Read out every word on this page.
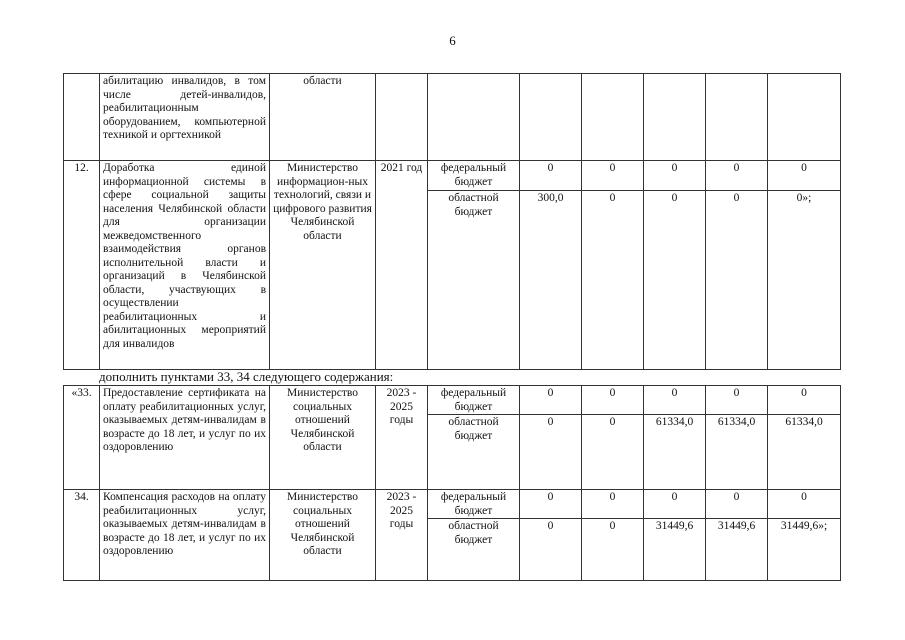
6
	абилитацию инвалидов, в том числе детей-инвалидов, реабилитационным оборудованием, компьютерной техникой и оргтехникой	области							
12.	Доработка единой информационной системы в сфере социальной защиты населения Челябинской области для организации межведомственного взаимодействия органов исполнительной власти и организаций в Челябинской области, участвующих в осуществлении реабилитационных и абилитационных мероприятий для инвалидов	Министерство информацион-ных технологий, связи и цифрового развития Челябинской области	2021 год	федеральный бюджет	0	0	0	0	0
				областной бюджет	300,0	0	0	0	0»;
дополнить пунктами 33, 34 следующего содержания:
«33.	Предоставление сертификата на оплату реабилитационных услуг, оказываемых детям-инвалидам в возрасте до 18 лет, и услуг по их оздоровлению	Министерство социальных отношений Челябинской области	2023 - 2025 годы	федеральный бюджет	0	0	0	0	0
				областной бюджет	0	0	61334,0	61334,0	61334,0
34.	Компенсация расходов на оплату реабилитационных услуг, оказываемых детям-инвалидам в возрасте до 18 лет, и услуг по их оздоровлению	Министерство социальных отношений Челябинской области	2023 - 2025 годы	федеральный бюджет	0	0	0	0	0
				областной бюджет	0	0	31449,6	31449,6	31449,6»;
